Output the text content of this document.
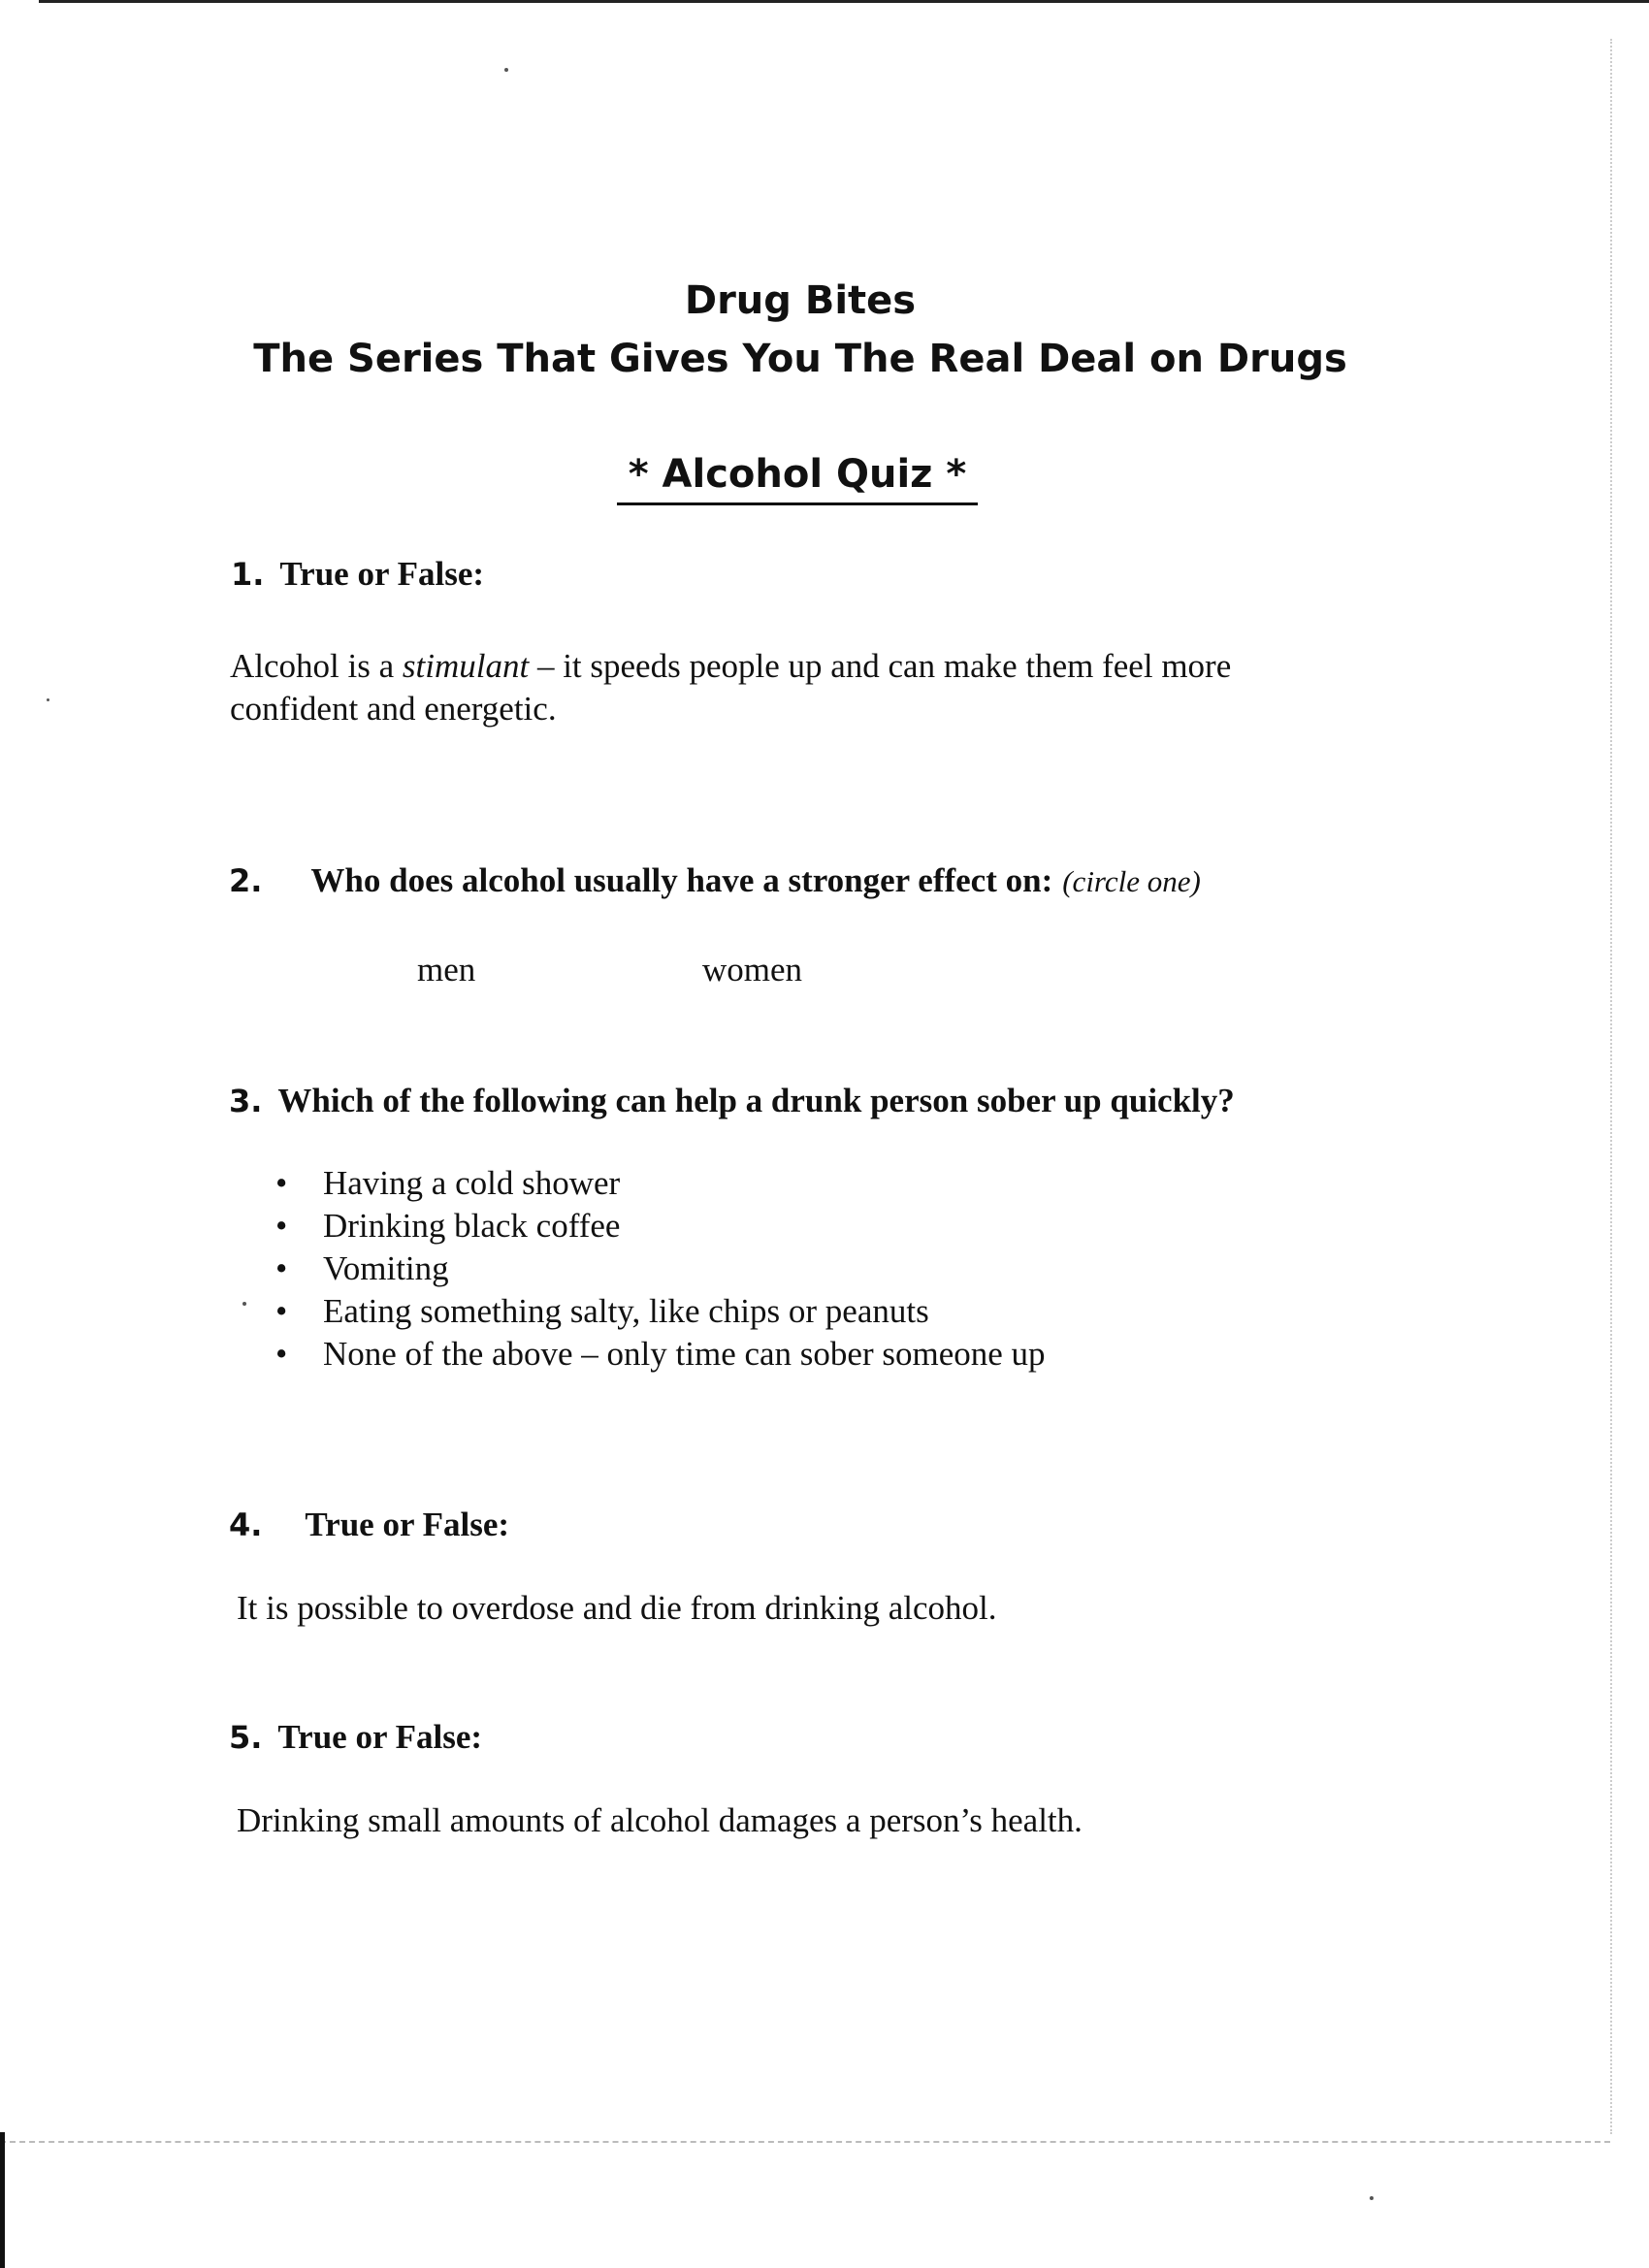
Drug Bites
The Series That Gives You The Real Deal on Drugs
* Alcohol Quiz *
1. True or False:
Alcohol is a stimulant – it speeds people up and can make them feel more
confident and energetic.
2. Who does alcohol usually have a stronger effect on: (circle one)
men	women
3. Which of the following can help a drunk person sober up quickly?
• Having a cold shower
• Drinking black coffee
• Vomiting
• Eating something salty, like chips or peanuts
• None of the above – only time can sober someone up
4. True or False:
It is possible to overdose and die from drinking alcohol.
5. True or False:
Drinking small amounts of alcohol damages a person’s health.
